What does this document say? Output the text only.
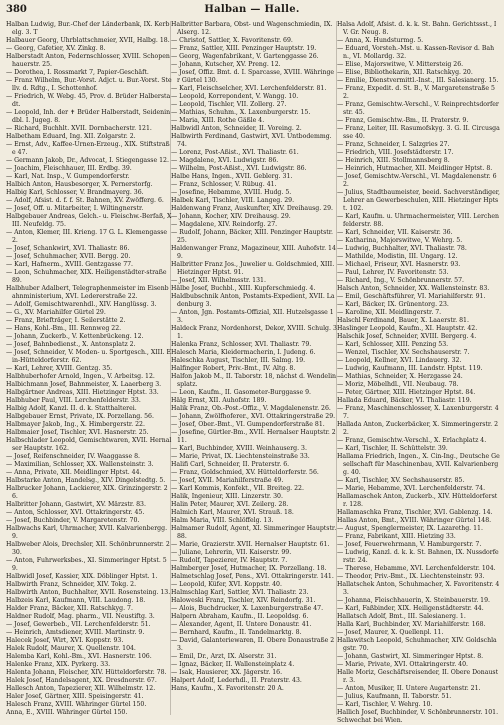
380	Halban — Halle.

Halban Ludwig, Bur.-Chef der Länderbank, IX. Kerbelg. 3. T

Halbauer Georg, Uhrblattschmeier, XVII, Halbg. 18.

— Georg, Cafetier, XV. Zinkg. 8.

Halberstadt Anton, Federnschlosser, XVIII. Schopenhauerstr. 25.

— Dorothea, I. Rossmarkt 7, Papier-Geschäft.

— Franz Wilhelm, Bur.-Vorst. Adjct. u. Bur.-Vorst. Stellv. d. Rdtg., I. Schottenhof.

— Friedrich, W. Webg. 45, Prov. d. Brüder Halberstadt.

— Leopold, Inh. der ✝ Brüder Halberstadt, Seidenindbl. I. Jugeg. 8.

— Richard, Buchhlt. XVII. Dornbacherstr. 121.

Halbetham Eduard, Ing. XII. Zolgarstr. 2.

— Ernst, Adv., Kaffee-Urnen-Erzeug., XIX. Stiftstraße 47.

— Germann Jakob, Dr., Advocat, I. Stiegengasse 12.

— Joachim, Fleischhauer, III. Erdbg. 39.

— Karl, Nat. Insp., V. Gumpendorferstr.

Halbich Anton, Hausbesorger, X. Pernerstorfg.

Halbig Karl, Schlosser, V. Brandmayerg. 36.

— Adolf, Afsist. d. f. f. St. Bahnen, XV. Zwöfferg. 6.

— Josef, Off. u. Mitarbeiter, I. Wiltingnerstr.

Halbgebauer Andreas, Gelch.- u. Fleischw.-Berfaß, XIII. Neufeldg. 75.

— Anton, Klemer, III. Krieng. 17 G. L. Klemengasse 2.

— Josef, Schankwirt, XVI. Thaliastr. 86.

— Josef, Schuhmacher, XVII. Bergg. 20.

— Karl, Hafnerm., XVIII. Gentzgasse 77.

— Leon, Schuhmacher, XIX. Heiligenstädter-straße 89.

Halbhuber Adalbert, Telegraphenmeister im Eisenbahnministerium, XVI. Ledererstraße 22.

— Adolf, Gemischtwarenhdl., XIV. Hanglüssg. 3.

— G., XV. Mariahilfer Gürtel 29.

— Franz, Briefträger, I. Seilerstätte 2.

— Hans, Kohl.-Bm., III. Rennweg 22.

— Johann, Zuckerb., V. Kettenbrückeng. 12.

— Josef, Bahnbedienst., X. Antonsplatz 2.

— Josef, Schneider, V. Moden- u. Sportgesch., XIII. Ein-Hütteldorferstr. 62.

— Karl, Lehrer, XVIII. Gentzg. 35.

Halbhuberhofer Arnold, Ingen., V. Arbeitsg. 12.

Halbichmann Josef, Bahnmeister, X. Laaerberg 3.

Halbgärtner Andreas, XIII. Hietzinger Hptst. 33.

Halbhuber Paul, VIII. Lerchenfelderstr. 33.

Halbig Adolf, Kanzl. II. d. k. Statthalterei.

Halbgebauer Ernst, Private, IX. Porzellang. 56.

Halbmayer Jakob, Ing., X. Himbergerstr. 22.

Halbmaier Josef, Tischler, XVI. Hasnerstr. 25.

Halbschlader Leopold, Gemischtwaren, XVII. Hernalser Hauptstr. 162.

— Josef, Reifenschneider, IV. Waaggasse 8.

— Maximilian, Schlosser, XX. Wallensteinstr. 3.

— Anna, Private, XII. Meidlinger Hptst. 44.

Halbstarke Anton, Handelsg., XIV. Dingelstedtg. 5.

Halbrucker Johann, Lackierer, XIX. Grinzingerstr. 26.

Halbritter Johann, Gastwirt, XV. Märzstr. 83.

— Anton, Schlosser, XVI. Ottakringerstr. 45.

— Josef, Buchbinder, V. Margaretenstr. 70.

Halbwachs Karl, Uhrmacher, XVII. Kalvarienbergg. 9.

Halbweber Alois, Drechsler, XII. Schönbrunnerstr. 230.

— Anton, Fuhrwerksbes., XI. Simmeringer Hptst. 59.

Halbwidl Josef, Kassier, XIX. Döblinger Hptst. 1.

Halbwirth Franz, Schneider, XIV. Tokg. 2.

Halbwirth Anton, Buchhalter, XVII. Rosensteing. 13.

Halbzeis Karl, Kaufmann, VIII. Laudong. 18.

Halder Franz, Bäcker, XII. Ratschkyg. 7.

Haldner Rudolf, Mag. pharm., VII. Neustiftg. 3.

— Josef, Gewerbeb., VII. Lerchenfelderstr. 51.

— Heinrich, Amtsdiener, XVIII. Martinstr. 9.

Halecek Josef, Wirt, XVI. Koppstr. 93.

Halek Rudolf, Maurer, X. Quellenstr. 104.

Halemba Karl, Kohl.-Bm., XVI. Hasnerstr. 106.

Halenke Franz, XIX. Pyrkerg. 33.

Halenta Johann, Fleischer, XIV. Hütteldorferstr. 78.

Halek Josef, Handelsagent, XX. Dresdnerstr. 67.

Hallesch Anton, Tapezierer, XII. Wilhelmstr. 12.

Haler Josef, Gärtner, XIII. Speisingerstr. 41.

Halesch Franz, XVIII. Währinger Gürtel 150.

Anna, E., XVIII. Währinger Gürtel 150.

Halbritter Barbara, Obst- und Wagenschmiedin, IX. Alserg. 12.

— Christof, Sattler, X. Favoritenstr. 69.

— Franz, Sattler, XIII. Penzinger Hauptstr. 19.

— Georg, Wagenfabrikant, V. Gartenggasse 26.

— Johann, Kutscher, XV. Preng. 12.

— Josef, Offiz. Bmt. d. I. Sparcasse, XVIII. Währinger Gürtel 130.

— Karl, Fleischselcher, XVI. Lerchenfelderstr. 81.

— Leopold, Korrepondent, V. Wangg. 10.

— Leopold, Tischler, VII. Zollerg. 27.

— Mathias, Schuhm., X. Laxenburgerstr. 15.

— Maria, XIII. Rothe Gäßle 4.

Halbwidl Anton, Schneider, II. Voreing. 2.

Halbwirth Ferdinand, Gastwirt, XVI. Untbodemmg. 74.

— Lorenz, Post-Aßist., XVI. Thaliastr. 61.

— Magdalene, XVI. Ludwigstr. 86.

— Wilhelm, Post-Aßist., XVI. Ludwigstr. 86.

Halbe Hans, Ingen., XVII. Geblerg. 31.

— Franz, Schlosser, V. Rübug. 41.

— Josefine, Hebamme, XVIII. Hudg. 5.

Halbek Karl, Tischler, VIII. Langeg. 29.

Haldenwang Franz, Auskunfter, XIV. Dreihausg. 29.

— Johann, Kocher, XIV. Dreihausg. 29.

— Magdalene, XIV. Reindorfg. 27.

— Rudolf, Johann, Bäcker, XIII. Penzinger Hauptstr. 25.

Haldenwanger Franz, Magazineur, XIII. Auhofstr. 149.

Halbritter Franz Jos., Juwelier u. Goldschmied, XIII. Hietzinger Hptst. 91.

— Josef, XII. Wilhelmsstr. 131.

Hälbe Josef, Buchbl., XIII. Kupferschmiedg. 4.

Haldbubschnik Anton, Postamts-Expedient, XVII. Ladenburg 3.

— Anton, Jgn. Postamts-Offizial, XII. Hutzelsgasse 13.

Haldeck Franz, Nordenhorst, Dekor, XVIII. Schulg. 31.

Halenka Franz, Schlosser, XVI. Thaliastr. 79.

Halesch Maria, Kleidermacherin, I. Judeng. 6.

Haleschka August, Tischler, III. Salmg. 19.

Halfinger Robert, Priv.-Bmt., IV. Altg. 8.

Halfon Jakob M., II. Taborstr. 18, nächst d. Wendelinsplatz.

— Leon, Kaufm., II. Gasometer-Burggasse 9.

Hälg Ernst, XII. Auhofstr. 189.

Halik Franz, Ob.-Post.-Offiz., V. Magdalenenstr. 26.

— Johann, Zwölfhoferer., XVI. Ottakringerstraße 29.

— Josef, Ober.-Bmt., VI. Gumpendorferstraße 81.

— Josefine, Gürtler-Bm., XVII. Hernalser Hauptstr. 211.

— Karl, Buchbinder, XVIII. Weinhauserg. 3.

— Marie, Privat, IX. Liechtensteinstraße 33.

Halifi Carl, Schneider, II. Praterstr. 6.

— Franz, Goldschmied, XV. Hütteldorferstr. 56.

— Josef, XVII. Mariahilferstraße 49.

— Karl Kommis, Konfekt., VII. Breiteg. 22.

Halik, Ingenieur, XIII. Linzerstr. 30.

Halin Peter, Maurer, XVI. Zeilerg. 28.

Halmich Karl, Maurer, XVI. Strauß. 18.

Halm Maria, VIII. Schlöffelg. 13.

Halmamer Rudolf, Agent, XI. Simmeringer Hauptstr. 88.

— Marie, Grazierstr. XVII. Hernalser Hauptstr. 61.

— Juliane, Lehrerin, VII. Kaiserstr. 99.

— Rudolf, Tapezierer, IV. Hauptstr. 7.

Halmberger Josef, Hutmacher, IX. Porzellang. 18.

Halmetschlag Josef, Pens., XVI. Ottakringerstr. 141.

— Leopold, Küfer, XVI. Koppstr. 40.

Halmschlag Karl, Sattler, XVI. Thaliastr. 23.

Haloweski Franz, Tischler, XIV. Reindorfg. 31.

— Alois, Buchdrucker, X. Laxenburgerstraße 47.

Halpern Abraham, Kaufm., II. Leopoldsg. 6.

— Alexander, Agent, II. Untere Donaustr. 41.

— Bernhard, Kaufm., II. Tandelmarktg. 8.

— David, Galanteriewaren, II. Obere Donaustraße 23.

— Emil, Dr., Arzt, IX. Alserstr. 31.

— Ignaz, Bäcker, II. Wallensteinplatz 4.

— Isak, Hausierer, XX. Jägerstr. 16.

Halpert Adolf, Lederhdl., II. Praterstr. 43.

Hans, Kaufm., X. Favoritenstr. 20 A.

Halsa Adolf, Afsist. d. k. k. St. Bahn. Gerichtssst., IV. Gr. Neug. 8.

— Anna, X. Hundsturmg. 5.

— Eduard, Vorsteh.-Mst. u. Kassen-Revisor d. Bahn., VI. Mollardg. 32.

— Elise, Majorswitwe, V. Mittersteig 26.

— Elise, Bibliothekarin, XII. Ratschkyg. 20.

— Emilie, Dienstvermittl.-Inst., III. Salesianerg. 15.

— Franz, Expedit. d. St. B., V. Margaretenstraße 52.

— Franz, Gemischtw.-Verschl., V. Reinprechtsdorferstr. 45.

— Franz, Gemischtw.-Bm., II. Praterstr. 9.

— Franz, Leiter, III. Rasumofskyg. 3. G. II. Circusgasse 40.

— Franz, Schneider, I. Salzgries 27.

— Friedrich, VIII. Josefstädterstr. 17.

— Heinrich, XIII. Stollmannsberg 8.

— Heinrich, Hutmacher, XII. Meidlinger Hptst. 8.

— Josef, Gemischtw.-Verschl., VI. Magdalenenstr. 62.

— Julius, Stadtbaumeister, beeid. Sachverständiger, Lehrer an Gewerbeschulen, XIII. Hietzinger Hptst. 102.

— Karl, Kaufm. u. Uhrmachermeister, VIII. Lerchenfelderstr. 88.

— Karl, Schneider, VII. Kaiserstr. 36.

— Katharina, Majorswitwe, V. Wehrg. 5.

— Ludwig, Buchhalter, XVI. Thaliastr. 78.

— Mathilde, Modistin, III. Ungarg. 12.

— Michael, Friseur, XVI. Hasnerstr. 93.

— Paul, Lehrer, IV. Favoritenstr. 53.

— Richard, Ing., V. Schönbrunnerstr. 57.

Halsch Anton, Schneider, XX. Wallensteinstr. 83.

— Emil, Geschäftsführer, VI. Mariahilferstr. 91.

— Karl, Bäcker, IX. Grünentorg. 23.

— Karoline, XII. Meidlingerstr. 7.

Halschl Ferdinand, Bauer, X. Laaerstr. 81.

Haslinger Leopold, Kaufm., XI. Hauptstr. 42.

Halschik Josef, Schneider, XVIII. Bergerg. 4.

— Karl, Schlosser, XIII. Penzing 53.

— Wenzel, Tischler, XV. Sechshauserstr. 7.

— Leopold, Kellner, XVI. Lindauerg. 32.

— Ludwig, Kaufmann, III. Landstr. Hptst. 119.

— Mathias, Schneider, X. Herzgasse 24.

— Moriz, Möbelhdl., VII. Neubaug. 78.

— Peter, Gärtner, XIII. Hietzinger Hptst. 84.

Hallada Eduard, Bäcker, VI. Thaliastr. 119.

— Franz, Maschinenschlosser, X. Laxenburgerstr. 47.

Hallada Anton, Zuckerbäcker, X. Simmeringerstr. 22.

— Franz, Gemischtw.-Verschl., X. Erlachplatz 4.

— Karl, Tischler, II. Schüttelstr. 39.

Hallama Friedrich, Ingen., X. Cin-Ing., Deutsche Gesellschaft für Maschinenbau, XVII. Kalvarienbergg. 40.

— Karl, Tischler, XV. Sechshauserstr. 85.

— Marie, Hebamme, XVI. Lerchenfelderstr. 74.

Hallamaschek Anton, Zuckerb., XIV. Hütteldorferstr. 128.

Hallamaschka Franz, Tischler, XVI. Gablenzg. 14.

Hallas Anton, Bmt., XVIII. Währinger Gürtel 148.

— August, Spenglermeister, IX. Lazarethg. 11.

— Franz, Fabrikant, XIII. Hietzing 33.

— Josef, Feuerwehrmann, V. Hamburgerstr. 7.

— Ludwig, Kanzl. d. k. k. St. Bahnen, IX. Nussdorferstr. 24.

— Therese, Hebamme, XVI. Lerchenfelderstr. 104.

— Theodor, Priv.-Bmt., IX. Liechtensteinstr. 93.

Hallatschek Anton, Schuhmacher, X. Favoritenstr. 43.

— Johanna, Fleischhauerin, X. Steinbauerstr. 19.

— Karl, Faßbinder, XIX. Heiligenstädterstr. 44.

Hallatsch Adolf, Bmt., III. Salesianerg. 1.

Halla Karl, Buchbinder, XV. Mariahilferstr. 168.

— Josef, Maurer, X. Quellenpl. 11.

Hallawitsch Leopold, Schuhmacher, XIV. Goldschlagstr. 70.

— Johann, Gastwirt, XI. Simmeringer Hptst. 8.

— Marie, Private, XVI. Ottakringerstr. 40.

Halle Moriz, Geschäftsreisender, II. Obere Donaustr. 3.

— Anton, Musiker, II. Untere Augartenstr. 21.

— Julius, Kaufmann, II. Taborstr. 51.

— Karl, Tischler, V. Wehrg. 10.

Hallich Josef, Buchbinder, V. Schönbrunnerstr. 101.

Schwechat bei Wien.
